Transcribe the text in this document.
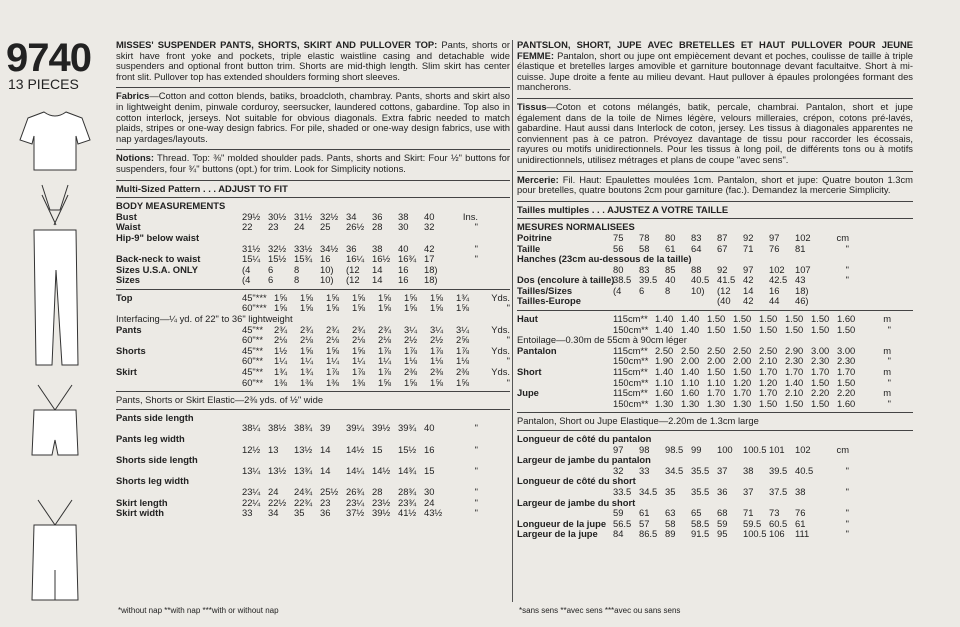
9740
13 PIECES

MISSES' SUSPENDER PANTS, SHORTS, SKIRT AND PULLOVER TOP: Pants, shorts or skirt have front yoke and pockets, triple elastic waistline casing and detachable wide suspenders and optional front button trim. Shorts are mid-thigh length. Slim skirt has center front slit. Pullover top has extended shoulders forming short sleeves.

Fabrics—Cotton and cotton blends, batiks, broadcloth, chambray. Pants, shorts and skirt also in lightweight denim, pinwale corduroy, seersucker, laundered cottons, gabardine. Top also in cotton interlock, jerseys. Not suitable for obvious diagonals. Extra fabric needed to match plaids, stripes or one-way design fabrics. For pile, shaded or one-way design fabrics, use with nap yardages/layouts.

Notions: Thread. Top: ⅜" molded shoulder pads. Pants, shorts and Skirt: Four ½" buttons for suspenders, four ¾" buttons (opt.) for trim. Look for Simplicity notions.

Multi-Sized Pattern . . . ADJUST TO FIT
BODY MEASUREMENTS
Bust	29½ 30½ 31½ 32½ 34	36	38	40	Ins.
Waist	22	23	24	25	26½ 28	30	32	"
Hip-9" below waist
31½ 32½ 33½ 34½ 36	38	40	42	"
Back-neck to waist	15¼ 15½ 15¾ 16	16¼ 16½ 16¾ 17	"
Sizes U.S.A. ONLY	(4	6	8	10)	(12	14	16	18)
Sizes	(4	6	8	10)	(12	14	16	18)
Top	45"*** 1⅝	1⅝	1⅝	1⅝	1⅝	1⅝	1⅝	1¾	Yds.
60"*** 1⅝	1⅝	1⅝	1⅝	1⅝	1⅝	1⅝	1⅝	"
Interfacing—¼ yd. of 22" to 36" lightweight
Pants	45"**	2¾	2¾	2¾	2¾	2¾	3¼	3¼	3¼	Yds.
60"**	2⅛	2⅛	2⅛	2⅛	2⅛	2½	2½	2⅝	"
Shorts	45"**	1½	1⅝	1⅝	1⅝	1⅞	1⅞	1⅞	1⅞	Yds.
60"**	1¼	1¼	1¼	1¼	1¼	1⅛	1⅛	1⅛	"
Skirt	45"**	1¾	1¾	1⅞	1⅞	1⅞	2⅜	2⅜	2⅜	Yds.
60"**	1⅜	1⅜	1⅜	1⅜	1⅝	1⅝	1⅝	1⅝	"
Pants, Shorts or Skirt Elastic—2⅜ yds. of ½" wide
Pants side length
38¼ 38½ 38¾ 39	39¼ 39½ 39¾ 40	"
Pants leg width
12½ 13	13½ 14	14½ 15	15½ 16	"
Shorts side length
13¼ 13½ 13¾ 14	14¼ 14½ 14¾ 15	"
Shorts leg width
23¼ 24	24¾ 25½ 26¾ 28	28¾ 30	"
Skirt length	22¼ 22½ 22¾ 23	23¼ 23½ 23¾ 24	"
Skirt width	33	34	35	36	37½ 39½ 41½ 43½	"

PANTSLON, SHORT, JUPE AVEC BRETELLES ET HAUT PULLOVER POUR JEUNE FEMME: Pantalon, short ou jupe ont empiècement devant et poches, coulisse de taille à triple élastique et bretelles larges amovible et garniture boutonnage devant facultaitve. Short à mi-cuisse. Jupe droite a fente au milieu devant. Haut pullover à épaules prolongées formant des mancherons.

Tissus—Coton et cotons mélangés, batik, percale, chambrai. Pantalon, short et jupe également dans de la toile de Nimes légère, velours milleraies, crépon, cotons pré-lavés, gabardine. Haut aussi dans Interlock de coton, jersey. Les tissus à diagonales apparentes ne conviennent pas à ce patron. Prévoyez davantage de tissu pour raccorder les écossais, rayures ou motifs unidirectionnels. Pour les tissus à long poil, de différents tons ou à motifs unidirectionnels, utilisez métrages et plans de coupe "avec sens".

Mercerie: Fil. Haut: Epaulettes moulées 1cm. Pantalon, short et jupe: Quatre bouton 1.3cm pour bretelles, quatre boutons 2cm pour garniture (fac.). Demandez la mercerie Simplicity.

Tailles multiples . . . AJUSTEZ A VOTRE TAILLE
MESURES NORMALISEES
Poitrine	75	78	80	83	87	92	97	102	cm
Taille	56	58	61	64	67	71	76	81	"
Hanches (23cm au-dessous de la taille)
80	83	85	88	92	97	102	107	"
Dos (encolure à taille)
38.5 39.5 40	40.5 41.5 42	42.5 43	"
Tailles/Sizes	(4	6	8	10)	(12	14	16	18)
Tailles-Europe	(40	42	44	46)
Haut	115cm** 1.40 1.40 1.50 1.50 1.50 1.50 1.50 1.60	m
150cm** 1.40 1.40 1.50 1.50 1.50 1.50 1.50 1.50	"
Entoilage—0.30m de 55cm à 90cm léger
Pantalon	115cm** 2.50 2.50 2.50 2.50 2.50 2.90 3.00 3.00	m
150cm** 1.90 2.00 2.00 2.00 2.10 2.30 2.30 2.30	"
Short	115cm** 1.40 1.40 1.50 1.50 1.70 1.70 1.70 1.70	m
150cm** 1.10 1.10 1.10 1.20 1.20 1.40 1.50 1.50	"
Jupe	115cm** 1.60 1.60 1.70 1.70 1.70 2.10 2.20 2.20	m
150cm** 1.30 1.30 1.30 1.30 1.50 1.50 1.50 1.60	"
Pantalon, Short ou Jupe Elastique—2.20m de 1.3cm large
Longueur de côté du pantalon
97	98	98.5 99	100	100.5 101	102	cm
Largeur de jambe du pantalon
32	33	34.5 35.5 37	38	39.5 40.5	"
Longueur de côté du short
33.5 34.5 35	35.5 36	37	37.5 38	"
Largeur de jambe du short
59	61	63	65	68	71	73	76	"
Longueur de la jupe 56.5 57	58	58.5 59	59.5 60.5 61	"
Largeur de la jupe	84	86.5 89	91.5 95	100.5 106	111	"
*without nap **with nap ***with or without nap	*sans sens **avec sens ***avec ou sans sens
